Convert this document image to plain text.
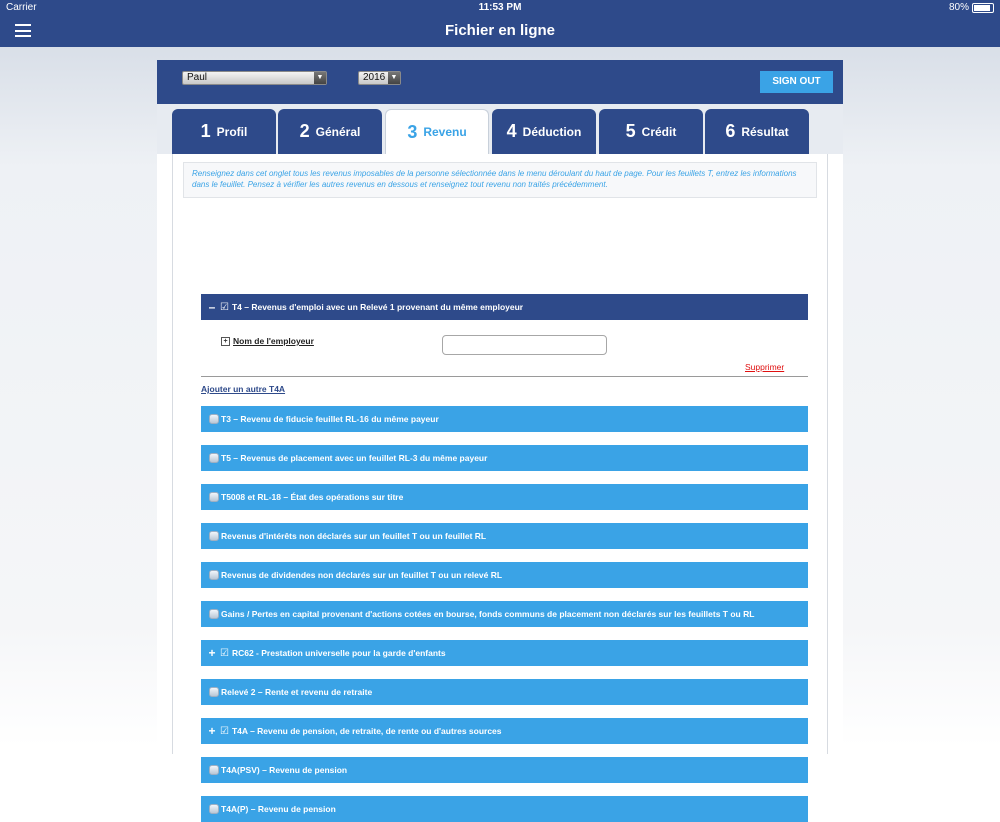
Carrier	11:53 PM	80%
Fichier en ligne
Paul	▼	2016 ▼	SIGN OUT
1 Profil	2 Général	3 Revenu 4 Déduction 5 Crédit	6 Résultat
Renseignez dans cet onglet tous les revenus imposables de la personne sélectionnée dans le menu déroulant du haut de page. Pour les feuillets T, entrez les informations dans le feuillet. Pensez à vérifier les autres revenus en dessous et renseignez tout revenu non traités précédemment.
– ☑ T4 – Revenus d'emploi avec un Relevé 1 provenant du même employeur
+ Nom de l'employeur
Supprimer
Ajouter un autre T4A
T3 – Revenu de fiducie feuillet RL-16 du même payeur
T5 – Revenus de placement avec un feuillet RL-3 du même payeur
T5008 et RL-18 – État des opérations sur titre
Revenus d'intérêts non déclarés sur un feuillet T ou un feuillet RL
Revenus de dividendes non déclarés sur un feuillet T ou un relevé RL
Gains / Pertes en capital provenant d'actions cotées en bourse, fonds communs de placement non déclarés sur les feuillets T ou RL
+ ☑ RC62 - Prestation universelle pour la garde d'enfants
Relevé 2 – Rente et revenu de retraite
+ ☑ T4A – Revenu de pension, de retraite, de rente ou d'autres sources
T4A(PSV) – Revenu de pension
T4A(P) – Revenu de pension
